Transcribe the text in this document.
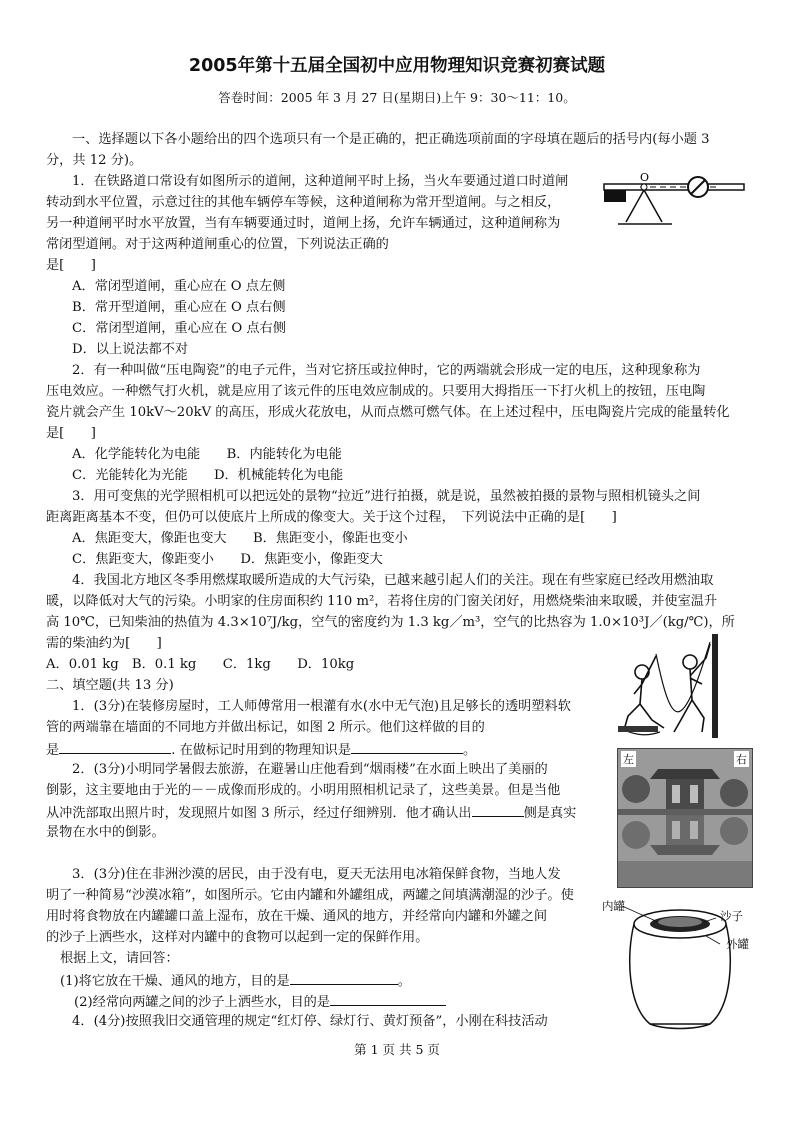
2005年第十五届全国初中应用物理知识竞赛初赛试题
答卷时间：2005 年 3 月 27 日(星期日)上午 9：30～11：10。
一、选择题以下各小题给出的四个选项只有一个是正确的，把正确选项前面的字母填在题后的括号内(每小题 3
分，共 12 分)。
1．在铁路道口常设有如图所示的道闸，这种道闸平时上扬，当火车要通过道口时道闸
转动到水平位置，示意过往的其他车辆停车等候，这种道闸称为常开型道闸。与之相反，
另一种道闸平时水平放置，当有车辆要通过时，道闸上扬，允许车辆通过，这种道闸称为
常闭型道闸。对于这两种道闸重心的位置，下列说法正确的
是[　　]
A．常闭型道闸，重心应在 O 点左侧
B．常开型道闸，重心应在 O 点右侧
C．常闭型道闸，重心应在 O 点右侧
D．以上说法都不对
O
2．有一种叫做“压电陶瓷”的电子元件，当对它挤压或拉伸时，它的两端就会形成一定的电压，这种现象称为
压电效应。一种燃气打火机，就是应用了该元件的压电效应制成的。只要用大拇指压一下打火机上的按钮，压电陶
瓷片就会产生 10kV～20kV 的高压，形成火花放电，从而点燃可燃气体。在上述过程中，压电陶瓷片完成的能量转化
是[　　]
A．化学能转化为电能　　B．内能转化为电能
C．光能转化为光能　　D．机械能转化为电能
3．用可变焦的光学照相机可以把远处的景物“拉近”进行拍摄，就是说，虽然被拍摄的景物与照相机镜头之间
距离距离基本不变，但仍可以使底片上所成的像变大。关于这个过程，　下列说法中正确的是[　　]
A．焦距变大，像距也变大　　B．焦距变小，像距也变小
C．焦距变大，像距变小　　D．焦距变小，像距变大
4．我国北方地区冬季用燃煤取暖所造成的大气污染，已越来越引起人们的关注。现在有些家庭已经改用燃油取
暖，以降低对大气的污染。小明家的住房面积约 110 m²，若将住房的门窗关闭好，用燃烧柴油来取暖，并使室温升
高 10℃，已知柴油的热值为 4.3×10⁷J/kg，空气的密度约为 1.3 kg／m³，空气的比热容为 1.0×10³J／(kg/℃)，所
需的柴油约为[　　]
A．0.01 kg　B．0.1 kg　　C．1kg　　D．10kg
二、填空题(共 13 分)
1．(3分)在装修房屋时，工人师傅常用一根灌有水(水中无气泡)且足够长的透明塑料软
管的两端靠在墙面的不同地方并做出标记，如图 2 所示。他们这样做的目的
是	. 在做标记时用到的物理知识是	。
2．(3分)小明同学暑假去旅游，在避暑山庄他看到“烟雨楼”在水面上映出了美丽的
倒影，这主要地由于光的－－成像而形成的。小明用照相机记录了，这些美景。但是当他
从冲洗部取出照片时，发现照片如图 3 所示，经过仔细辨别．他才确认出	侧是真实
景物在水中的倒影。
左	右
3．(3分)住在非洲沙漠的居民，由于没有电，夏天无法用电冰箱保鲜食物，当地人发
明了一种简易“沙漠冰箱”，如图所示。它由内罐和外罐组成，两罐之间填满潮湿的沙子。使
用时将食物放在内罐罐口盖上湿布，放在干燥、通风的地方，并经常向内罐和外罐之间
的沙子上洒些水，这样对内罐中的食物可以起到一定的保鲜作用。
根据上文，请回答：
(1)将它放在干燥、通风的地方，目的是	。
(2)经常向两罐之间的沙子上洒些水，目的是
4．(4分)按照我旧交通管理的规定“红灯停、绿灯行、黄灯预备”，小刚在科技活动
内罐
沙子
外罐
第 1 页 共 5 页
